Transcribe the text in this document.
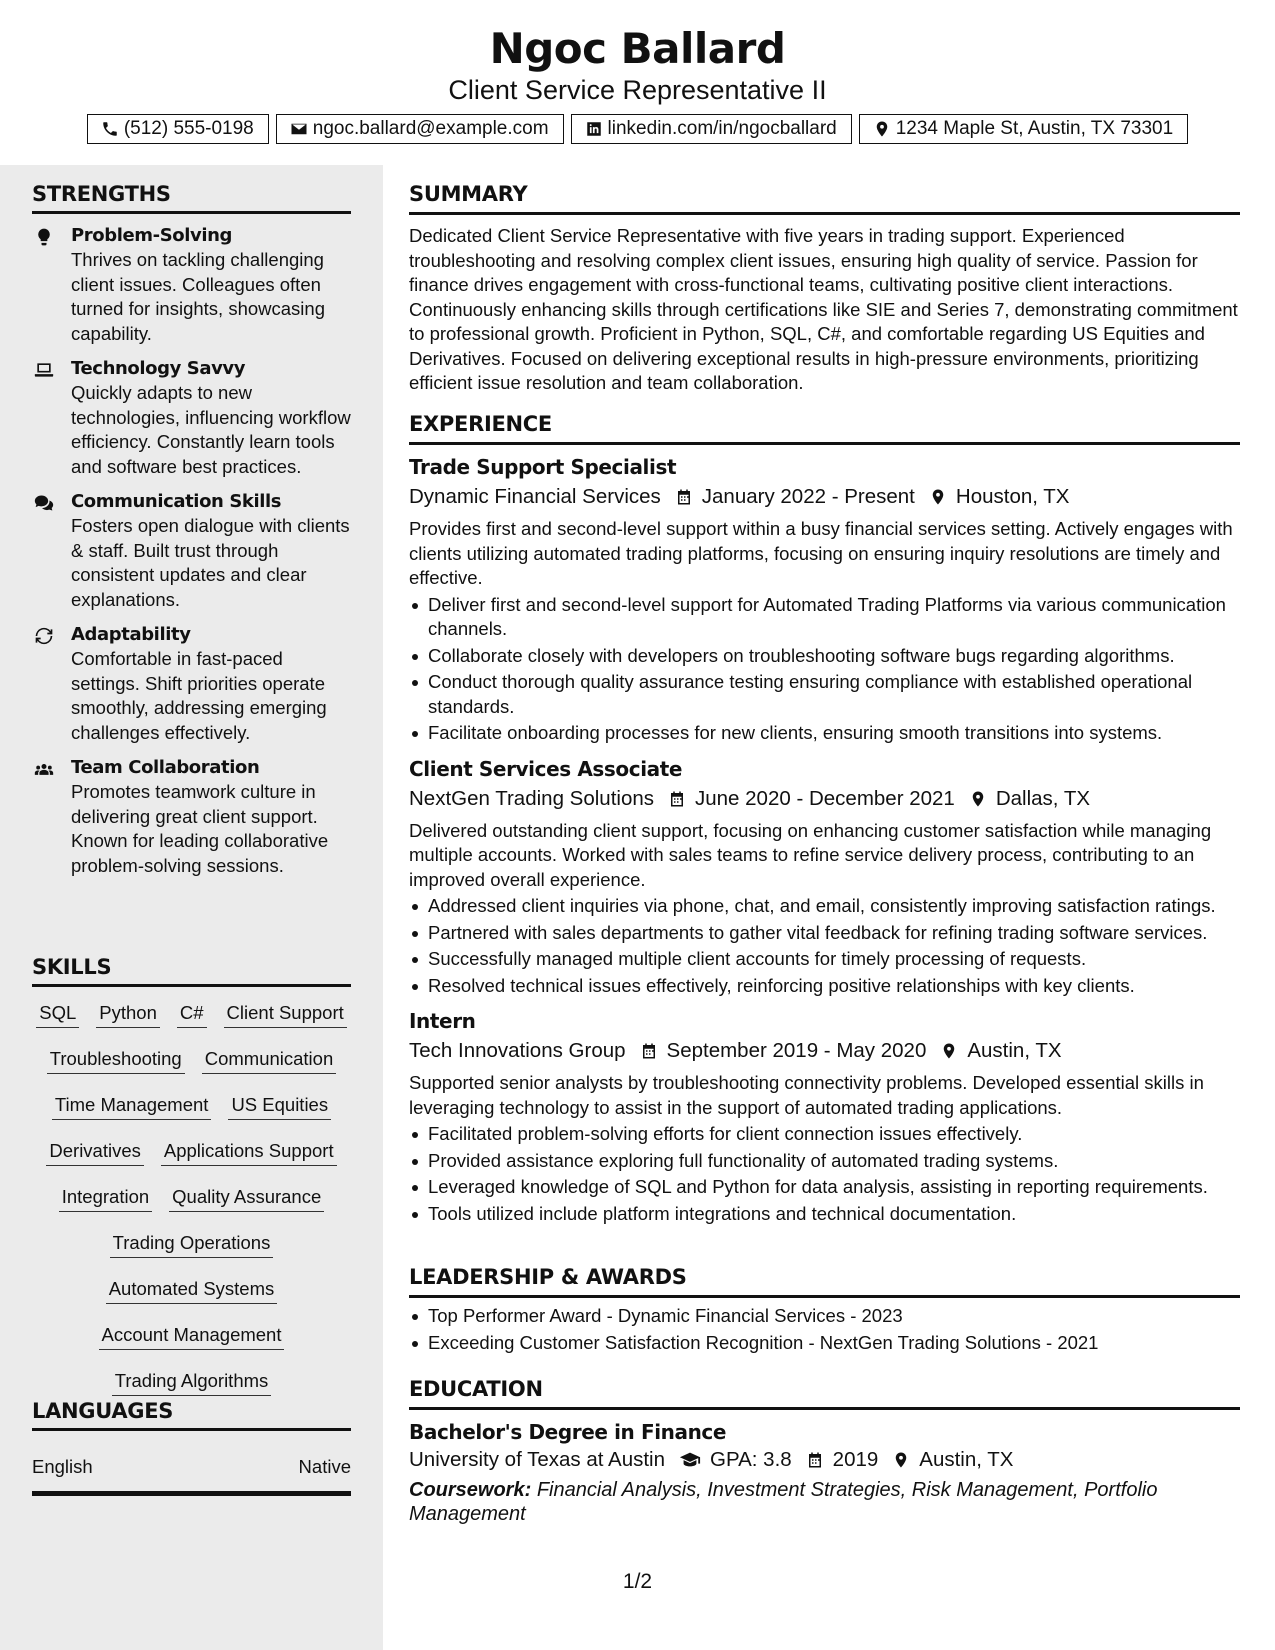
Ngoc Ballard
Client Service Representative II
(512) 555-0198	ngoc.ballard@example.com	linkedin.com/in/ngocballard	1234 Maple St, Austin, TX 73301
STRENGTHS
Problem-Solving
Thrives on tackling challenging client issues. Colleagues often turned for insights, showcasing capability.
Technology Savvy
Quickly adapts to new technologies, influencing workflow efficiency. Constantly learn tools and software best practices.
Communication Skills
Fosters open dialogue with clients & staff. Built trust through consistent updates and clear explanations.
Adaptability
Comfortable in fast-paced settings. Shift priorities operate smoothly, addressing emerging challenges effectively.
Team Collaboration
Promotes teamwork culture in delivering great client support. Known for leading collaborative problem-solving sessions.
SKILLS
SQL Python C# Client Support
Troubleshooting Communication
Time Management US Equities
Derivatives Applications Support
Integration Quality Assurance
Trading Operations
Automated Systems
Account Management
Trading Algorithms
LANGUAGES
English	Native
SUMMARY
Dedicated Client Service Representative with five years in trading support. Experienced troubleshooting and resolving complex client issues, ensuring high quality of service. Passion for finance drives engagement with cross-functional teams, cultivating positive client interactions. Continuously enhancing skills through certifications like SIE and Series 7, demonstrating commitment to professional growth. Proficient in Python, SQL, C#, and comfortable regarding US Equities and Derivatives. Focused on delivering exceptional results in high-pressure environments, prioritizing efficient issue resolution and team collaboration.
EXPERIENCE
Trade Support Specialist
Dynamic Financial Services January 2022 - Present Houston, TX
Provides first and second-level support within a busy financial services setting. Actively engages with clients utilizing automated trading platforms, focusing on ensuring inquiry resolutions are timely and effective.
Deliver first and second-level support for Automated Trading Platforms via various communication channels.
Collaborate closely with developers on troubleshooting software bugs regarding algorithms.
Conduct thorough quality assurance testing ensuring compliance with established operational standards.
Facilitate onboarding processes for new clients, ensuring smooth transitions into systems.
Client Services Associate
NextGen Trading Solutions June 2020 - December 2021 Dallas, TX
Delivered outstanding client support, focusing on enhancing customer satisfaction while managing multiple accounts. Worked with sales teams to refine service delivery process, contributing to an improved overall experience.
Addressed client inquiries via phone, chat, and email, consistently improving satisfaction ratings.
Partnered with sales departments to gather vital feedback for refining trading software services.
Successfully managed multiple client accounts for timely processing of requests.
Resolved technical issues effectively, reinforcing positive relationships with key clients.
Intern
Tech Innovations Group September 2019 - May 2020 Austin, TX
Supported senior analysts by troubleshooting connectivity problems. Developed essential skills in leveraging technology to assist in the support of automated trading applications.
Facilitated problem-solving efforts for client connection issues effectively.
Provided assistance exploring full functionality of automated trading systems.
Leveraged knowledge of SQL and Python for data analysis, assisting in reporting requirements.
Tools utilized include platform integrations and technical documentation.
LEADERSHIP & AWARDS
Top Performer Award - Dynamic Financial Services - 2023
Exceeding Customer Satisfaction Recognition - NextGen Trading Solutions - 2021
EDUCATION
Bachelor's Degree in Finance
University of Texas at Austin GPA: 3.8 2019 Austin, TX
Coursework: Financial Analysis, Investment Strategies, Risk Management, Portfolio Management
1/2
